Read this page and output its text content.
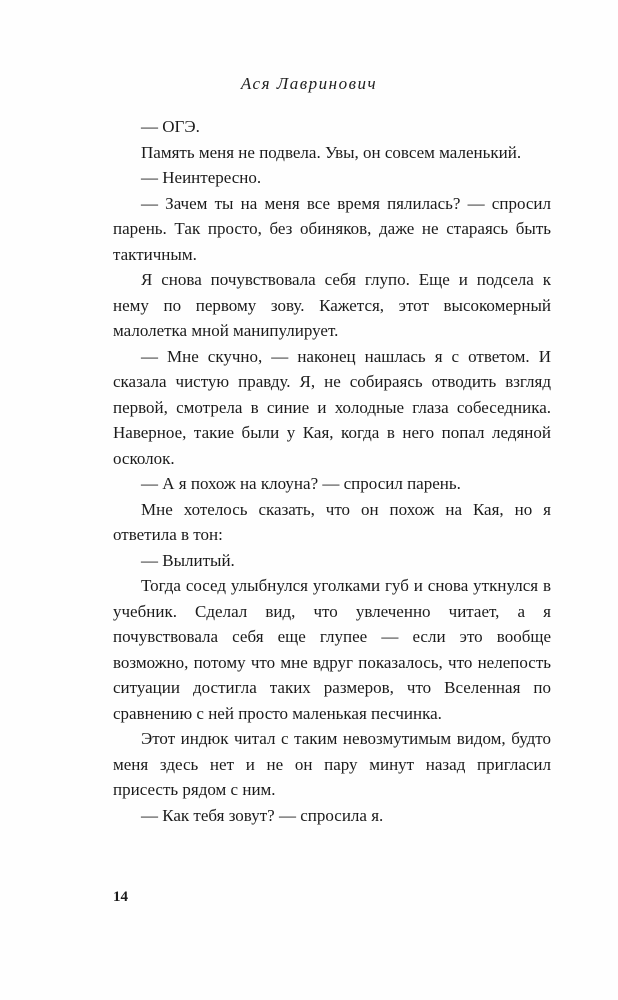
Ася Лавринович

— ОГЭ.

Память меня не подвела. Увы, он совсем маленький.

— Неинтересно.

— Зачем ты на меня все время пялилась? — спросил парень. Так просто, без обиняков, даже не стараясь быть тактичным.

Я снова почувствовала себя глупо. Еще и подсела к нему по первому зову. Кажется, этот высокомерный малолетка мной манипулирует.

— Мне скучно, — наконец нашлась я с ответом. И сказала чистую правду. Я, не собираясь отводить взгляд первой, смотрела в синие и холодные глаза собеседника. Наверное, такие были у Кая, когда в него попал ледяной осколок.

— А я похож на клоуна? — спросил парень.

Мне хотелось сказать, что он похож на Кая, но я ответила в тон:

— Вылитый.

Тогда сосед улыбнулся уголками губ и снова уткнулся в учебник. Сделал вид, что увлеченно читает, а я почувствовала себя еще глупее — если это вообще возможно, потому что мне вдруг показалось, что нелепость ситуации достигла таких размеров, что Вселенная по сравнению с ней просто маленькая песчинка.

Этот индюк читал с таким невозмутимым видом, будто меня здесь нет и не он пару минут назад пригласил присесть рядом с ним.

— Как тебя зовут? — спросила я.

14
